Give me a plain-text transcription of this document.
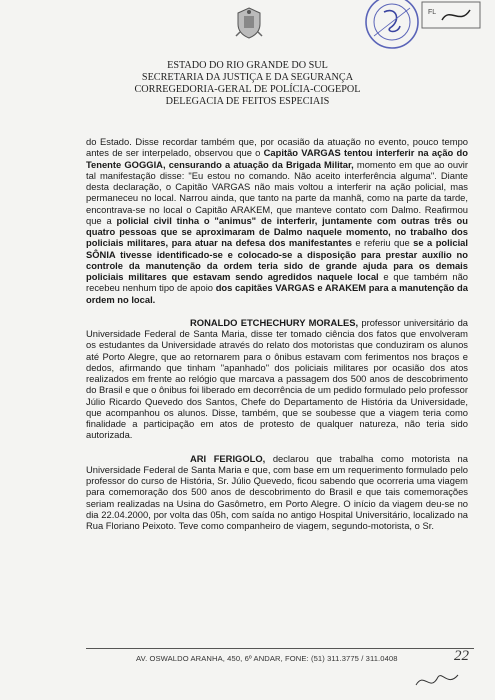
FL
ESTADO DO RIO GRANDE DO SUL
SECRETARIA DA JUSTIÇA E DA SEGURANÇA
CORREGEDORIA-GERAL DE POLÍCIA-COGEPOL
DELEGACIA DE FEITOS ESPECIAIS

do Estado. Disse recordar também que, por ocasião da atuação no evento, pouco tempo antes de ser interpelado, observou que o Capitão VARGAS tentou interferir na ação do Tenente GOGGIA, censurando a atuação da Brigada Militar, momento em que ao ouvir tal manifestação disse: "Eu estou no comando. Não aceito interferência alguma". Diante desta declaração, o Capitão VARGAS não mais voltou a interferir na ação policial, mas permaneceu no local. Narrou ainda, que tanto na parte da manhã, como na parte da tarde, encontrava-se no local o Capitão ARAKEM, que manteve contato com Dalmo. Reafirmou que a policial civil tinha o "animus" de interferir, juntamente com outras três ou quatro pessoas que se aproximaram de Dalmo naquele momento, no trabalho dos policiais militares, para atuar na defesa dos manifestantes e referiu que se a policial SÔNIA tivesse identificado-se e colocado-se a disposição para prestar auxílio no controle da manutenção da ordem teria sido de grande ajuda para os demais policiais militares que estavam sendo agredidos naquele local e que também não recebeu nenhum tipo de apoio dos capitães VARGAS e ARAKEM para a manutenção da ordem no local.

RONALDO ETCHECHURY MORALES, professor universitário da Universidade Federal de Santa Maria, disse ter tomado ciência dos fatos que envolveram os estudantes da Universidade através do relato dos motoristas que conduziram os alunos até Porto Alegre, que ao retornarem para o ônibus estavam com ferimentos nos braços e dedos, afirmando que tinham "apanhado" dos policiais militares por ocasião dos atos realizados em frente ao relógio que marcava a passagem dos 500 anos de descobrimento do Brasil e que o ônibus foi liberado em decorrência de um pedido formulado pelo professor Júlio Ricardo Quevedo dos Santos, Chefe do Departamento de História da Universidade, que acompanhou os alunos. Disse, também, que se soubesse que a viagem teria como finalidade a participação em atos de protesto de qualquer natureza, não teria sido autorizada.

ARI FERIGOLO, declarou que trabalha como motorista na Universidade Federal de Santa Maria e que, com base em um requerimento formulado pelo professor do curso de História, Sr. Júlio Quevedo, ficou sabendo que ocorreria uma viagem para comemoração dos 500 anos de descobrimento do Brasil e que tais comemorações seriam realizadas na Usina do Gasômetro, em Porto Alegre. O início da viagem deu-se no dia 22.04.2000, por volta das 05h, com saída no antigo Hospital Universitário, localizado na Rua Floriano Peixoto. Teve como companheiro de viagem, segundo-motorista, o Sr.

AV. OSWALDO ARANHA, 450, 6º ANDAR, FONE: (51) 311.3775 / 311.0408	22
